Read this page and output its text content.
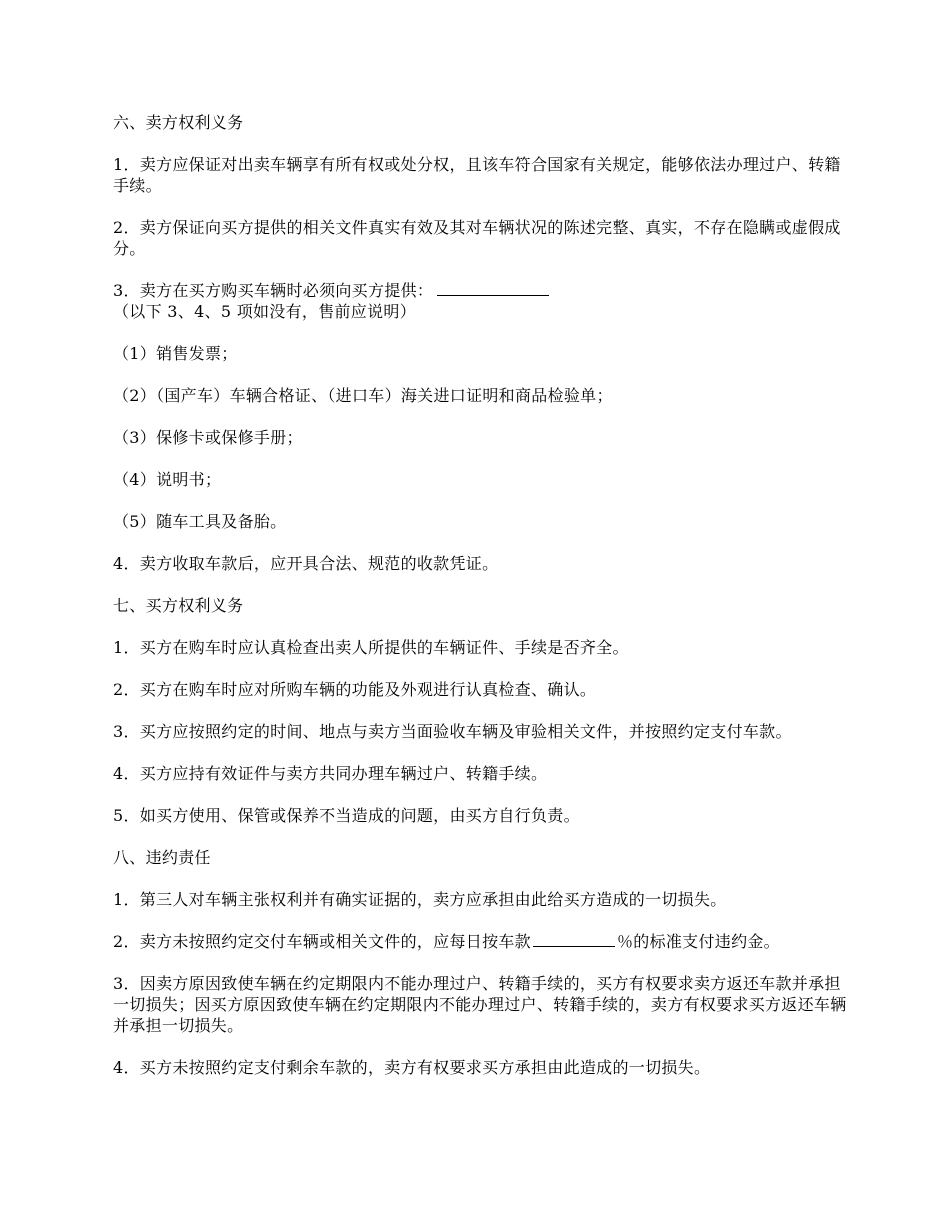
六、卖方权利义务

1．卖方应保证对出卖车辆享有所有权或处分权，且该车符合国家有关规定，能够依法办理过户、转籍手续。

2．卖方保证向买方提供的相关文件真实有效及其对车辆状况的陈述完整、真实，不存在隐瞒或虚假成分。

3．卖方在买方购买车辆时必须向买方提供：（以下 3、4、5 项如没有，售前应说明）

（1）销售发票；

（2）（国产车）车辆合格证、（进口车）海关进口证明和商品检验单；

（3）保修卡或保修手册；

（4）说明书；

（5）随车工具及备胎。

4．卖方收取车款后，应开具合法、规范的收款凭证。

七、买方权利义务

1．买方在购车时应认真检查出卖人所提供的车辆证件、手续是否齐全。

2．买方在购车时应对所购车辆的功能及外观进行认真检查、确认。

3．买方应按照约定的时间、地点与卖方当面验收车辆及审验相关文件，并按照约定支付车款。

4．买方应持有效证件与卖方共同办理车辆过户、转籍手续。

5．如买方使用、保管或保养不当造成的问题，由买方自行负责。

八、违约责任

1．第三人对车辆主张权利并有确实证据的，卖方应承担由此给买方造成的一切损失。

2．卖方未按照约定交付车辆或相关文件的，应每日按车款	％的标准支付违约金。

3．因卖方原因致使车辆在约定期限内不能办理过户、转籍手续的，买方有权要求卖方返还车款并承担一切损失；因买方原因致使车辆在约定期限内不能办理过户、转籍手续的，卖方有权要求买方返还车辆并承担一切损失。

4．买方未按照约定支付剩余车款的，卖方有权要求买方承担由此造成的一切损失。
